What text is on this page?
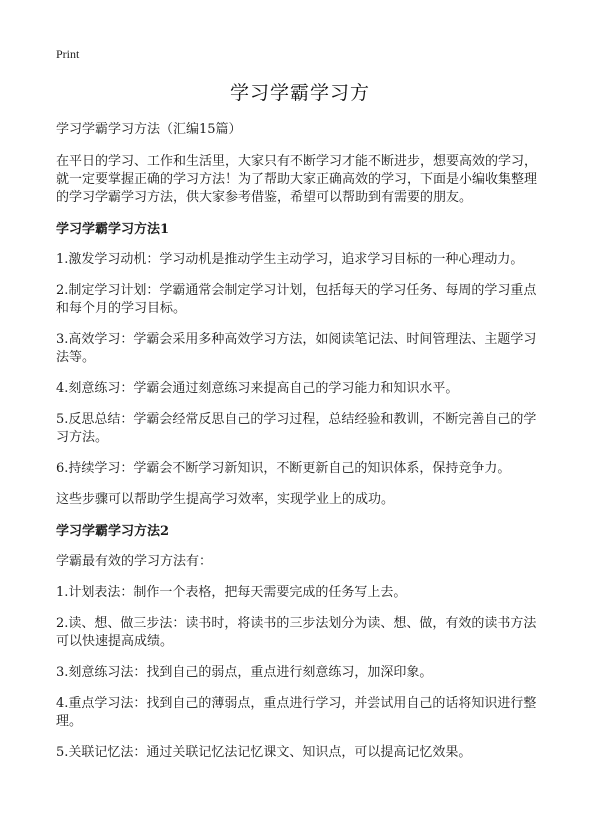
Print
学习学霸学习方

学习学霸学习方法（汇编15篇）

在平日的学习、工作和生活里，大家只有不断学习才能不断进步，想要高效的学习，就一定要掌握正确的学习方法！为了帮助大家正确高效的学习，下面是小编收集整理的学习学霸学习方法，供大家参考借鉴，希望可以帮助到有需要的朋友。

学习学霸学习方法1

1.激发学习动机：学习动机是推动学生主动学习，追求学习目标的一种心理动力。

2.制定学习计划：学霸通常会制定学习计划，包括每天的学习任务、每周的学习重点和每个月的学习目标。

3.高效学习：学霸会采用多种高效学习方法，如阅读笔记法、时间管理法、主题学习法等。

4.刻意练习：学霸会通过刻意练习来提高自己的学习能力和知识水平。

5.反思总结：学霸会经常反思自己的学习过程，总结经验和教训，不断完善自己的学习方法。

6.持续学习：学霸会不断学习新知识，不断更新自己的知识体系，保持竞争力。

这些步骤可以帮助学生提高学习效率，实现学业上的成功。

学习学霸学习方法2

学霸最有效的学习方法有：

1.计划表法：制作一个表格，把每天需要完成的任务写上去。

2.读、想、做三步法：读书时，将读书的三步法划分为读、想、做，有效的读书方法可以快速提高成绩。

3.刻意练习法：找到自己的弱点，重点进行刻意练习，加深印象。

4.重点学习法：找到自己的薄弱点，重点进行学习，并尝试用自己的话将知识进行整理。

5.关联记忆法：通过关联记忆法记忆课文、知识点，可以提高记忆效果。
